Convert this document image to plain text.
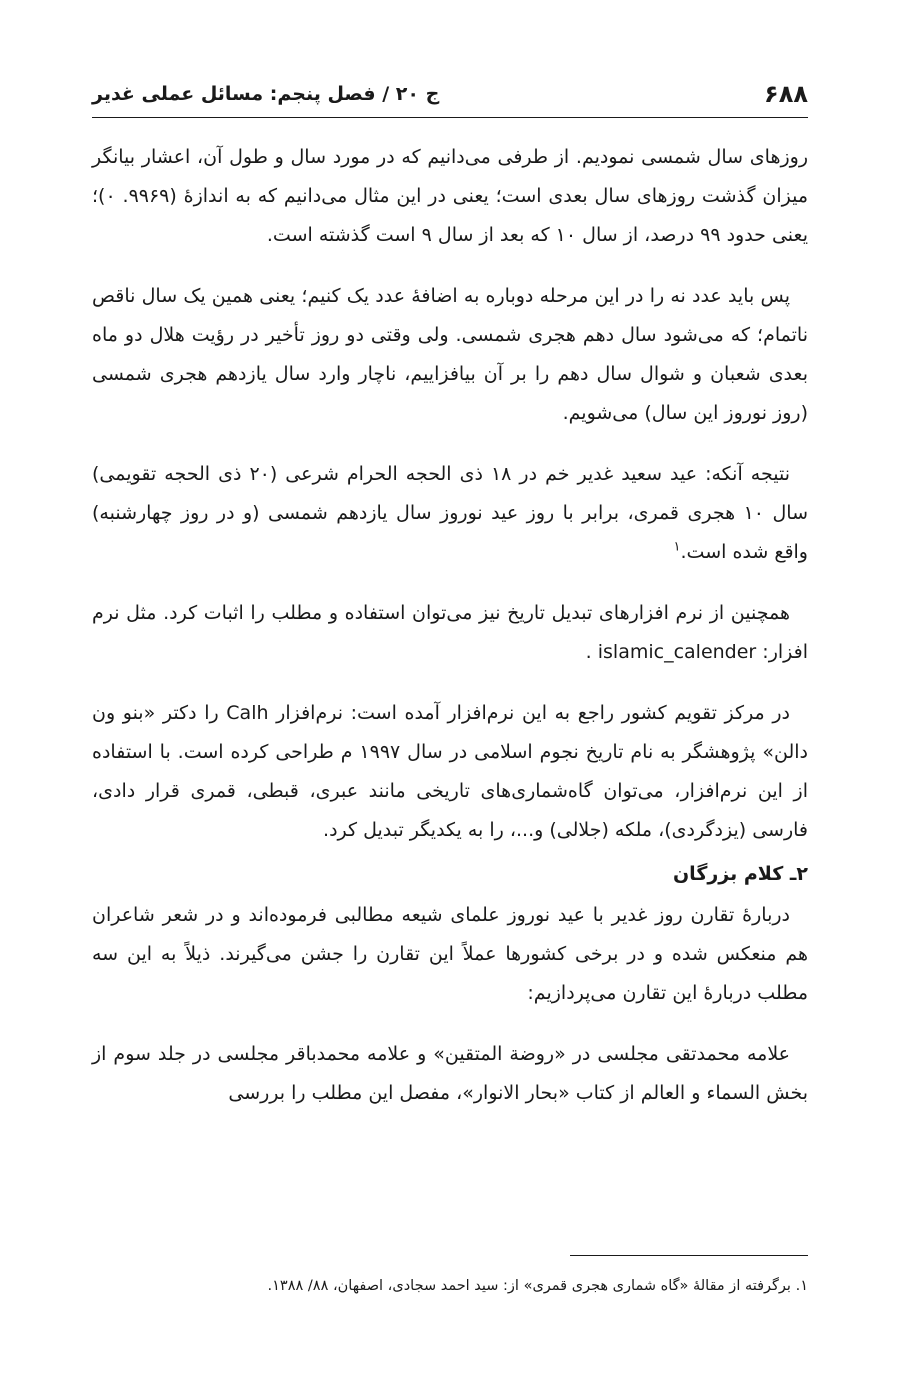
۶۸۸
ج ۲۰ / فصل پنجم: مسائل عملی غدیر

روزهای سال شمسی نمودیم. از طرفی می‌دانیم که در مورد سال و طول آن، اعشار بیانگر میزان گذشت روزهای سال بعدی است؛ یعنی در این مثال می‌دانیم که به اندازهٔ (۹۹۶۹. ۰)؛ یعنی حدود ۹۹ درصد، از سال ۱۰ که بعد از سال ۹ است گذشته است.

پس باید عدد نه را در این مرحله دوباره به اضافهٔ عدد یک کنیم؛ یعنی همین یک سال ناقص ناتمام؛ که می‌شود سال دهم هجری شمسی. ولی وقتی دو روز تأخیر در رؤیت هلال دو ماه بعدی شعبان و شوال سال دهم را بر آن بیافزاییم، ناچار وارد سال یازدهم هجری شمسی (روز نوروز این سال) می‌شویم.

نتیجه آنکه: عید سعید غدیر خم در ۱۸ ذی الحجه الحرام شرعی (۲۰ ذی الحجه تقویمی) سال ۱۰ هجری قمری، برابر با روز عید نوروز سال یازدهم شمسی (و در روز چهارشنبه) واقع شده است.$^۱$

همچنین از نرم افزارهای تبدیل تاریخ نیز می‌توان استفاده و مطلب را اثبات کرد. مثل نرم افزار: islamic_calender .

در مرکز تقویم کشور راجع به این نرم‌افزار آمده است: نرم‌افزار Calh را دکتر «بنو ون دالن» پژوهشگر به نام تاریخ نجوم اسلامی در سال ۱۹۹۷ م طراحی کرده است. با استفاده از این نرم‌افزار، می‌توان گاه‌شماری‌های تاریخی مانند عبری، قبطی، قمری قرار دادی، فارسی (یزدگردی)، ملکه (جلالی) و...، را به یکدیگر تبدیل کرد.

۲ـ کلام بزرگان

دربارهٔ تقارن روز غدیر با عید نوروز علمای شیعه مطالبی فرموده‌اند و در شعر شاعران هم منعکس شده و در برخی کشورها عملاً این تقارن را جشن می‌گیرند. ذیلاً به این سه مطلب دربارهٔ این تقارن می‌پردازیم:

علامه محمدتقی مجلسی در «روضة المتقین» و علامه محمدباقر مجلسی در جلد سوم از بخش السماء و العالم از کتاب «بحار الانوار»، مفصل این مطلب را بررسی

۱. برگرفته از مقالهٔ «گاه شماری هجری قمری» از: سید احمد سجادی، اصفهان، ۸۸/ ۱۳۸۸.
